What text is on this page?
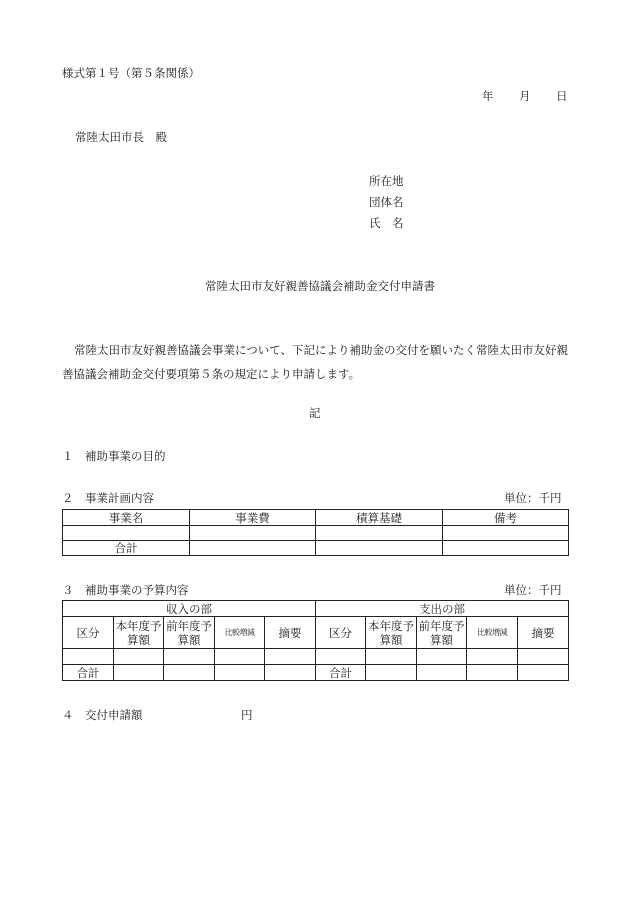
様式第１号（第５条関係）
年 月 日
常陸太田市長　殿
所在地
団体名
氏　名
常陸太田市友好親善協議会補助金交付申請書
常陸太田市友好親善協議会事業について、下記により補助金の交付を願いたく常陸太田市友好親善協議会補助金交付要項第５条の規定により申請します。
記
１　補助事業の目的
２　事業計画内容	単位：千円
事業名	事業費	積算基礎	備考

合計			
３　補助事業の予算内容	単位：千円
収入の部					支出の部				
区分	本年度予算額	前年度予算額	比較増減	摘要	区分	本年度予算額	前年度予算額	比較増減	摘要

合計					合計				
４　交付申請額	円
